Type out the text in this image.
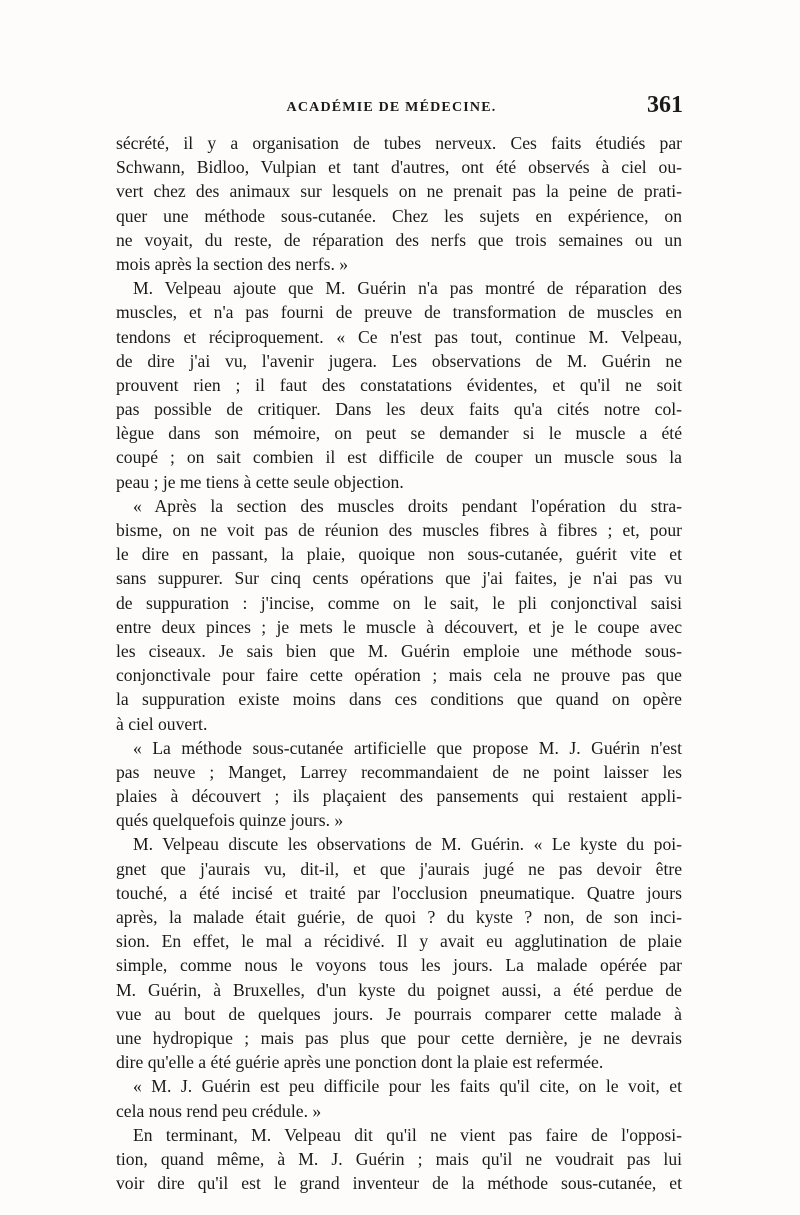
ACADÉMIE DE MÉDECINE.	361
sécrété, il y a organisation de tubes nerveux. Ces faits étudiés par
Schwann, Bidloo, Vulpian et tant d'autres, ont été observés à ciel ou-
vert chez des animaux sur lesquels on ne prenait pas la peine de prati-
quer une méthode sous-cutanée. Chez les sujets en expérience, on
ne voyait, du reste, de réparation des nerfs que trois semaines ou un
mois après la section des nerfs. »
M. Velpeau ajoute que M. Guérin n'a pas montré de réparation des
muscles, et n'a pas fourni de preuve de transformation de muscles en
tendons et réciproquement. « Ce n'est pas tout, continue M. Velpeau,
de dire j'ai vu, l'avenir jugera. Les observations de M. Guérin ne
prouvent rien ; il faut des constatations évidentes, et qu'il ne soit
pas possible de critiquer. Dans les deux faits qu'a cités notre col-
lègue dans son mémoire, on peut se demander si le muscle a été
coupé ; on sait combien il est difficile de couper un muscle sous la
peau ; je me tiens à cette seule objection.
« Après la section des muscles droits pendant l'opération du stra-
bisme, on ne voit pas de réunion des muscles fibres à fibres ; et, pour
le dire en passant, la plaie, quoique non sous-cutanée, guérit vite et
sans suppurer. Sur cinq cents opérations que j'ai faites, je n'ai pas vu
de suppuration : j'incise, comme on le sait, le pli conjonctival saisi
entre deux pinces ; je mets le muscle à découvert, et je le coupe avec
les ciseaux. Je sais bien que M. Guérin emploie une méthode sous-
conjonctivale pour faire cette opération ; mais cela ne prouve pas que
la suppuration existe moins dans ces conditions que quand on opère
à ciel ouvert.
« La méthode sous-cutanée artificielle que propose M. J. Guérin n'est
pas neuve ; Manget, Larrey recommandaient de ne point laisser les
plaies à découvert ; ils plaçaient des pansements qui restaient appli-
qués quelquefois quinze jours. »
M. Velpeau discute les observations de M. Guérin. « Le kyste du poi-
gnet que j'aurais vu, dit-il, et que j'aurais jugé ne pas devoir être
touché, a été incisé et traité par l'occlusion pneumatique. Quatre jours
après, la malade était guérie, de quoi ? du kyste ? non, de son inci-
sion. En effet, le mal a récidivé. Il y avait eu agglutination de plaie
simple, comme nous le voyons tous les jours. La malade opérée par
M. Guérin, à Bruxelles, d'un kyste du poignet aussi, a été perdue de
vue au bout de quelques jours. Je pourrais comparer cette malade à
une hydropique ; mais pas plus que pour cette dernière, je ne devrais
dire qu'elle a été guérie après une ponction dont la plaie est refermée.
« M. J. Guérin est peu difficile pour les faits qu'il cite, on le voit, et
cela nous rend peu crédule. »
En terminant, M. Velpeau dit qu'il ne vient pas faire de l'opposi-
tion, quand même, à M. J. Guérin ; mais qu'il ne voudrait pas lui
voir dire qu'il est le grand inventeur de la méthode sous-cutanée, et
